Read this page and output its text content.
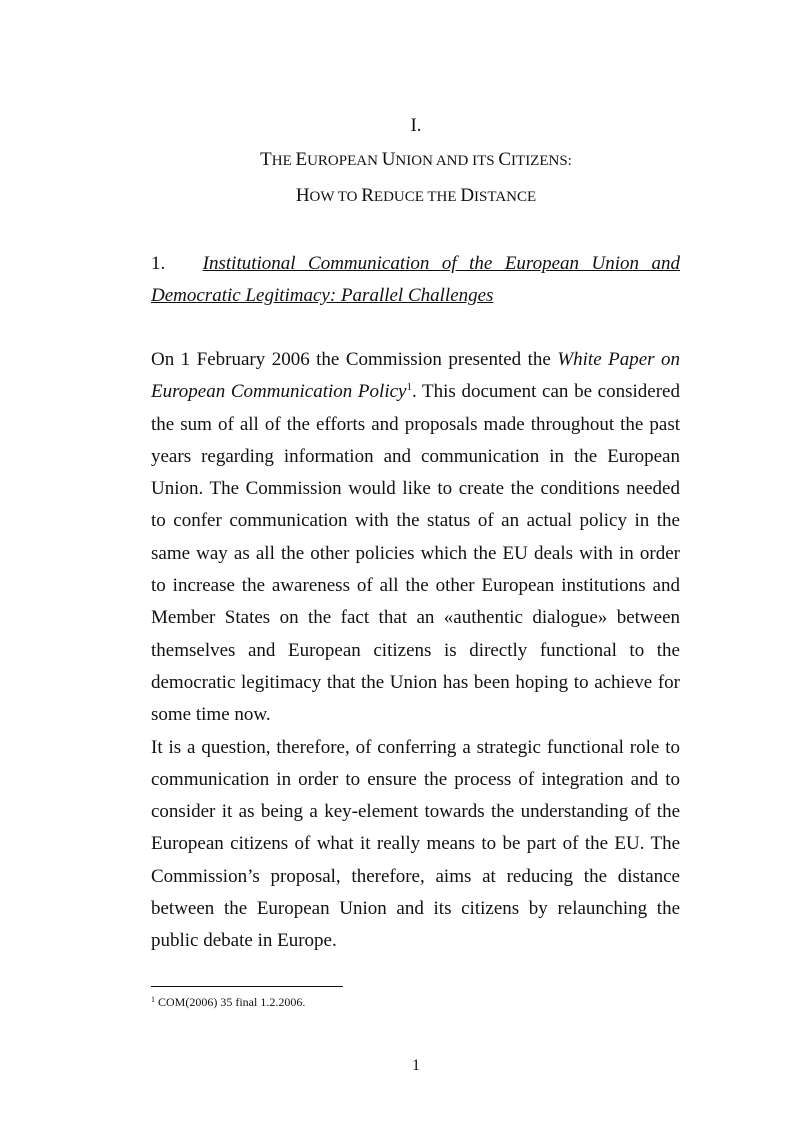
I.
THE EUROPEAN UNION AND ITS CITIZENS:
HOW TO REDUCE THE DISTANCE
1. Institutional Communication of the European Union and Democratic Legitimacy: Parallel Challenges

On 1 February 2006 the Commission presented the White Paper on European Communication Policy$^1$. This document can be considered the sum of all of the efforts and proposals made throughout the past years regarding information and communication in the European Union. The Commission would like to create the conditions needed to confer communication with the status of an actual policy in the same way as all the other policies which the EU deals with in order to increase the awareness of all the other European institutions and Member States on the fact that an «authentic dialogue» between themselves and European citizens is directly functional to the democratic legitimacy that the Union has been hoping to achieve for some time now.

It is a question, therefore, of conferring a strategic functional role to communication in order to ensure the process of integration and to consider it as being a key-element towards the understanding of the European citizens of what it really means to be part of the EU. The Commission’s proposal, therefore, aims at reducing the distance between the European Union and its citizens by relaunching the public debate in Europe.

$^1$ COM(2006) 35 final 1.2.2006.
1
